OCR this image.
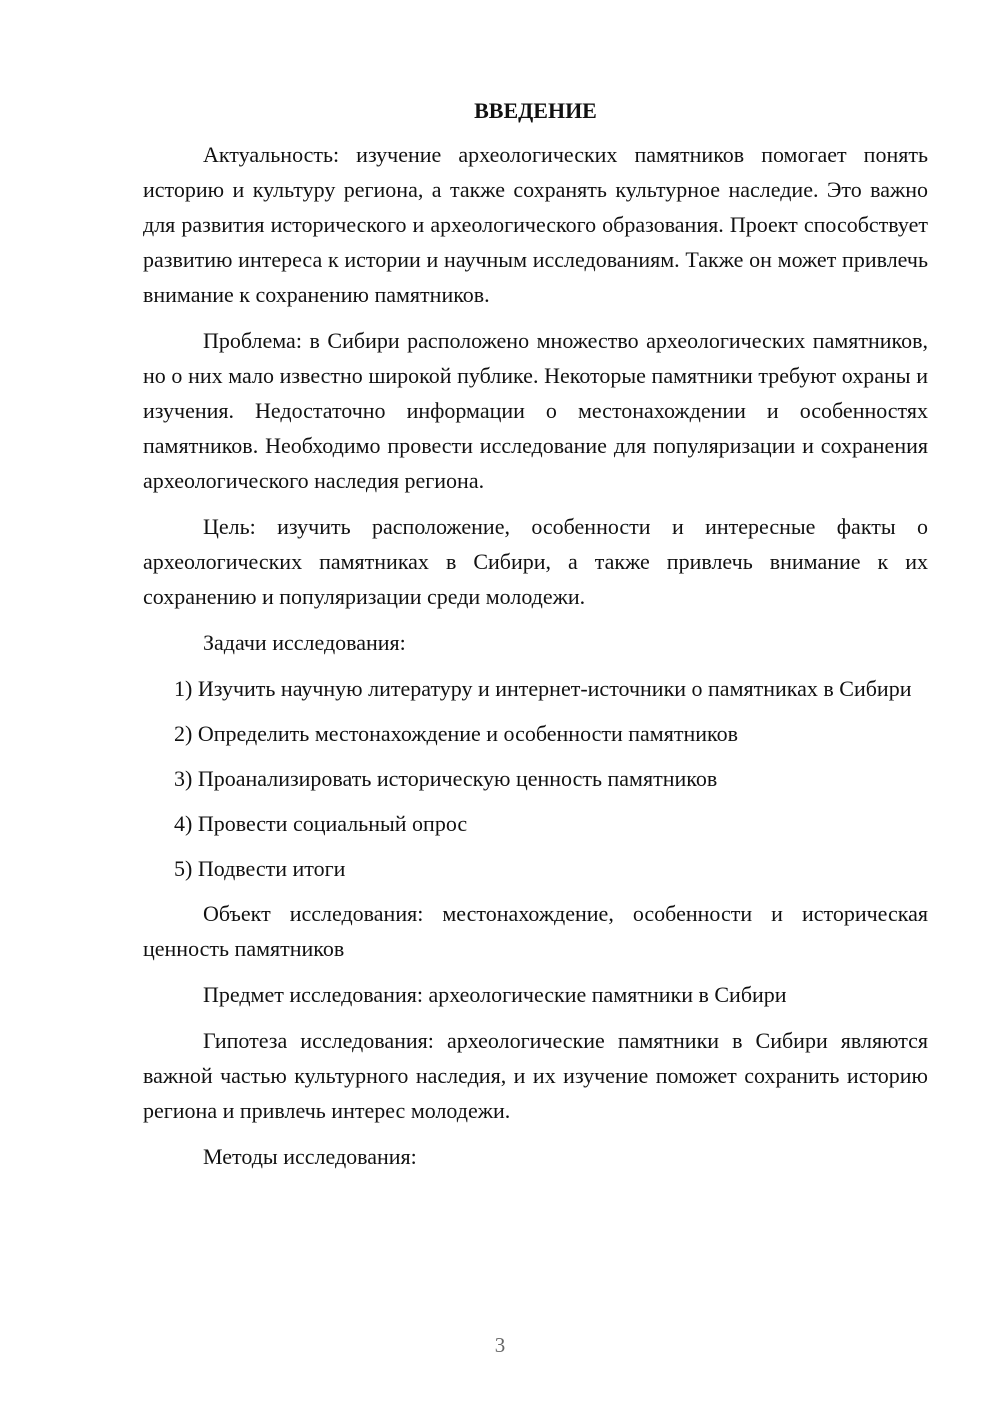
ВВЕДЕНИЕ

Актуальность: изучение археологических памятников помогает понять историю и культуру региона, а также сохранять культурное наследие. Это важно для развития исторического и археологического образования. Проект способствует развитию интереса к истории и научным исследованиям. Также он может привлечь внимание к сохранению памятников.

Проблема: в Сибири расположено множество археологических памятников, но о них мало известно широкой публике. Некоторые памятники требуют охраны и изучения. Недостаточно информации о местонахождении и особенностях памятников. Необходимо провести исследование для популяризации и сохранения археологического наследия региона.

Цель: изучить расположение, особенности и интересные факты о археологических памятниках в Сибири, а также привлечь внимание к их сохранению и популяризации среди молодежи.

Задачи исследования:

1) Изучить научную литературу и интернет-источники о памятниках в Сибири

2) Определить местонахождение и особенности памятников

3) Проанализировать историческую ценность памятников

4) Провести социальный опрос

5) Подвести итоги

Объект исследования: местонахождение, особенности и историческая ценность памятников

Предмет исследования: археологические памятники в Сибири

Гипотеза исследования: археологические памятники в Сибири являются важной частью культурного наследия, и их изучение поможет сохранить историю региона и привлечь интерес молодежи.

Методы исследования:

3
